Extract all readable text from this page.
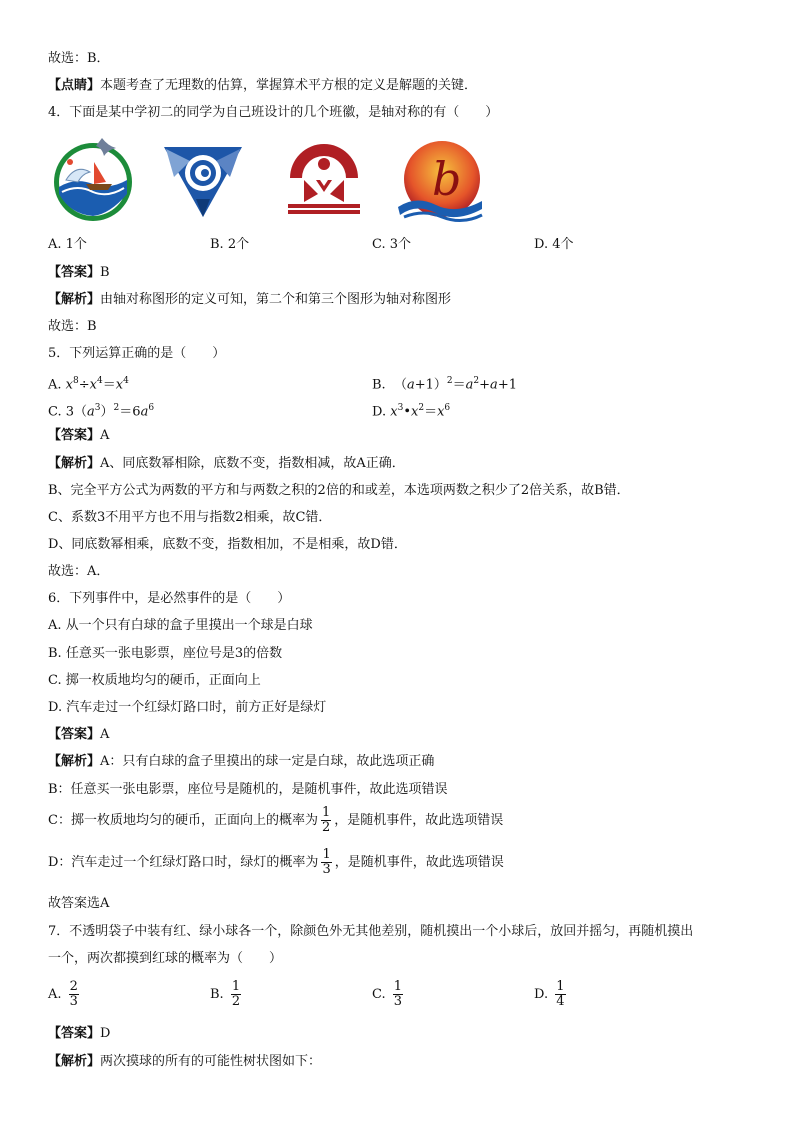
故选：B．
【点睛】本题考查了无理数的估算，掌握算术平方根的定义是解题的关键．
4．下面是某中学初二的同学为自己班设计的几个班徽，是轴对称的有（　　）
b
A. 1个	B. 2个	C. 3个	D. 4个
【答案】B
【解析】由轴对称图形的定义可知，第二个和第三个图形为轴对称图形
故选：B
5．下列运算正确的是（　　）
A. $x^8\div x^4=x^4$	B.  $(a+1)^2=a^2+a+1$
C. $3(a^3)^2=6a^6$	D. $x^3•x^2=x^6$
【答案】A
【解析】A、同底数幂相除，底数不变，指数相减，故A正确．
B、完全平方公式为两数的平方和与两数之积的2倍的和或差，本选项两数之积少了2倍关系，故B错．
C、系数3不用平方也不用与指数2相乘，故C错．
D、同底数幂相乘，底数不变，指数相加，不是相乘，故D错．
故选：A．
6．下列事件中，是必然事件的是（　　）
A. 从一个只有白球的盒子里摸出一个球是白球
B. 任意买一张电影票，座位号是3的倍数
C. 掷一枚质地均匀的硬币，正面向上
D. 汽车走过一个红绿灯路口时，前方正好是绿灯
【答案】A
【解析】A：只有白球的盒子里摸出的球一定是白球，故此选项正确
B：任意买一张电影票，座位号是随机的，是随机事件，故此选项错误
C：掷一枚质地均匀的硬币，正面向上的概率为 $\frac{1}{2}$ ，是随机事件，故此选项错误
D：汽车走过一个红绿灯路口时，绿灯的概率为 $\frac{1}{3}$ ，是随机事件，故此选项错误
故答案选A
7．不透明袋子中装有红、绿小球各一个，除颜色外无其他差别，随机摸出一个小球后，放回并摇匀，再随机摸出
一个，两次都摸到红球的概率为（　　）
A. $\frac{2}{3}$	B. $\frac{1}{2}$	C. $\frac{1}{3}$	D. $\frac{1}{4}$
【答案】D
【解析】两次摸球的所有的可能性树状图如下：
